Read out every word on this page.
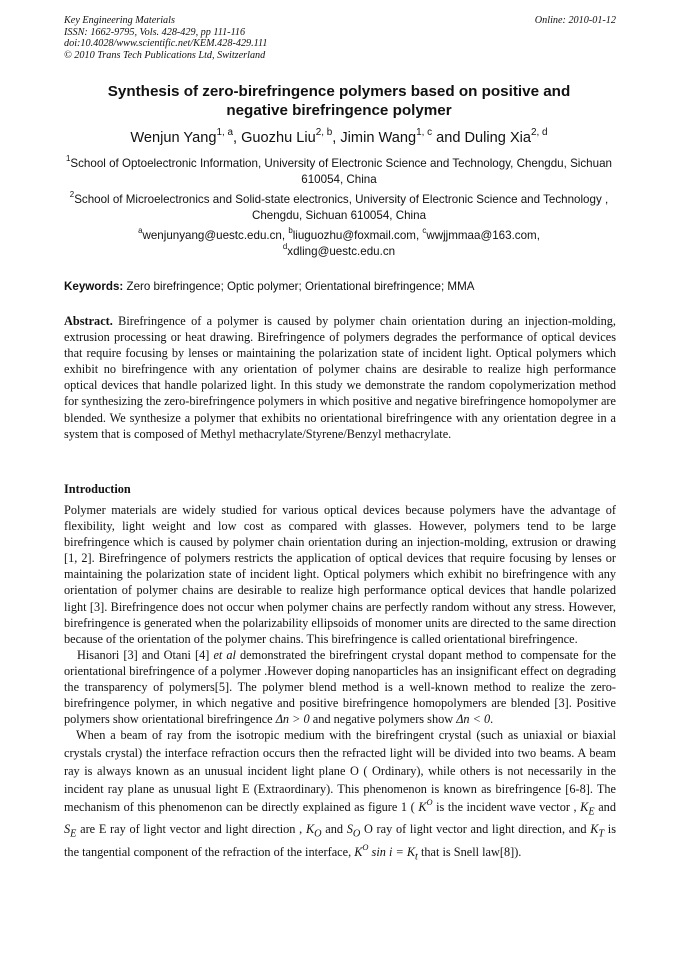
Key Engineering Materials
ISSN: 1662-9795, Vols. 428-429, pp 111-116
doi:10.4028/www.scientific.net/KEM.428-429.111
© 2010 Trans Tech Publications Ltd, Switzerland
Online: 2010-01-12
Synthesis of zero-birefringence polymers based on positive and
negative birefringence polymer
Wenjun Yang$^{1, a}$, Guozhu Liu$^{2, b}$, Jimin Wang$^{1, c}$ and Duling Xia$^{2, d}$
$^1$School of Optoelectronic Information, University of Electronic Science and Technology, Chengdu, Sichuan 610054, China
$^2$School of Microelectronics and Solid-state electronics, University of Electronic Science and Technology , Chengdu, Sichuan 610054, China
$^a$wenjunyang@uestc.edu.cn, $^b$liuguozhu@foxmail.com, $^c$wwjjmmaa@163.com,
$^d$xdling@uestc.edu.cn
Keywords: Zero birefringence; Optic polymer; Orientational birefringence; MMA
Abstract. Birefringence of a polymer is caused by polymer chain orientation during an injection-molding, extrusion processing or heat drawing. Birefringence of polymers degrades the performance of optical devices that require focusing by lenses or maintaining the polarization state of incident light. Optical polymers which exhibit no birefringence with any orientation of polymer chains are desirable to realize high performance optical devices that handle polarized light. In this study we demonstrate the random copolymerization method for synthesizing the zero-birefringence polymers in which positive and negative birefringence homopolymer are blended. We synthesize a polymer that exhibits no orientational birefringence with any orientation degree in a system that is composed of Methyl methacrylate/Styrene/Benzyl methacrylate.
Introduction

Polymer materials are widely studied for various optical devices because polymers have the advantage of flexibility, light weight and low cost as compared with glasses. However, polymers tend to be large birefringence which is caused by polymer chain orientation during an injection-molding, extrusion or drawing [1, 2]. Birefringence of polymers restricts the application of optical devices that require focusing by lenses or maintaining the polarization state of incident light. Optical polymers which exhibit no birefringence with any orientation of polymer chains are desirable to realize high performance optical devices that handle polarized light [3]. Birefringence does not occur when polymer chains are perfectly random without any stress. However, birefringence is generated when the polarizability ellipsoids of monomer units are directed to the same direction because of the orientation of the polymer chains. This birefringence is called orientational birefringence.

Hisanori [3] and Otani [4] et al demonstrated the birefringent crystal dopant method to compensate for the orientational birefringence of a polymer .However doping nanoparticles has an insignificant effect on degrading the transparency of polymers[5]. The polymer blend method is a well-known method to realize the zero-birefringence polymer, in which negative and positive birefringence homopolymers are blended [3]. Positive polymers show orientational birefringence Δn > 0 and negative polymers show Δn < 0.

When a beam of ray from the isotropic medium with the birefringent crystal (such as uniaxial or biaxial crystals crystal) the interface refraction occurs then the refracted light will be divided into two beams. A beam ray is always known as an unusual incident light plane O ( Ordinary), while others is not necessarily in the incident ray plane as unusual light E (Extraordinary). This phenomenon is known as birefringence [6-8]. The mechanism of this phenomenon can be directly explained as figure 1 ( $K^O$ is the incident wave vector , $K_E$ and $S_E$ are E ray of light vector and light direction , $K_O$ and $S_O$ O ray of light vector and light direction, and $K_T$ is the tangential component of the refraction of the interface, $K^O$ $\sin i = K_t$ that is Snell law[8]).
